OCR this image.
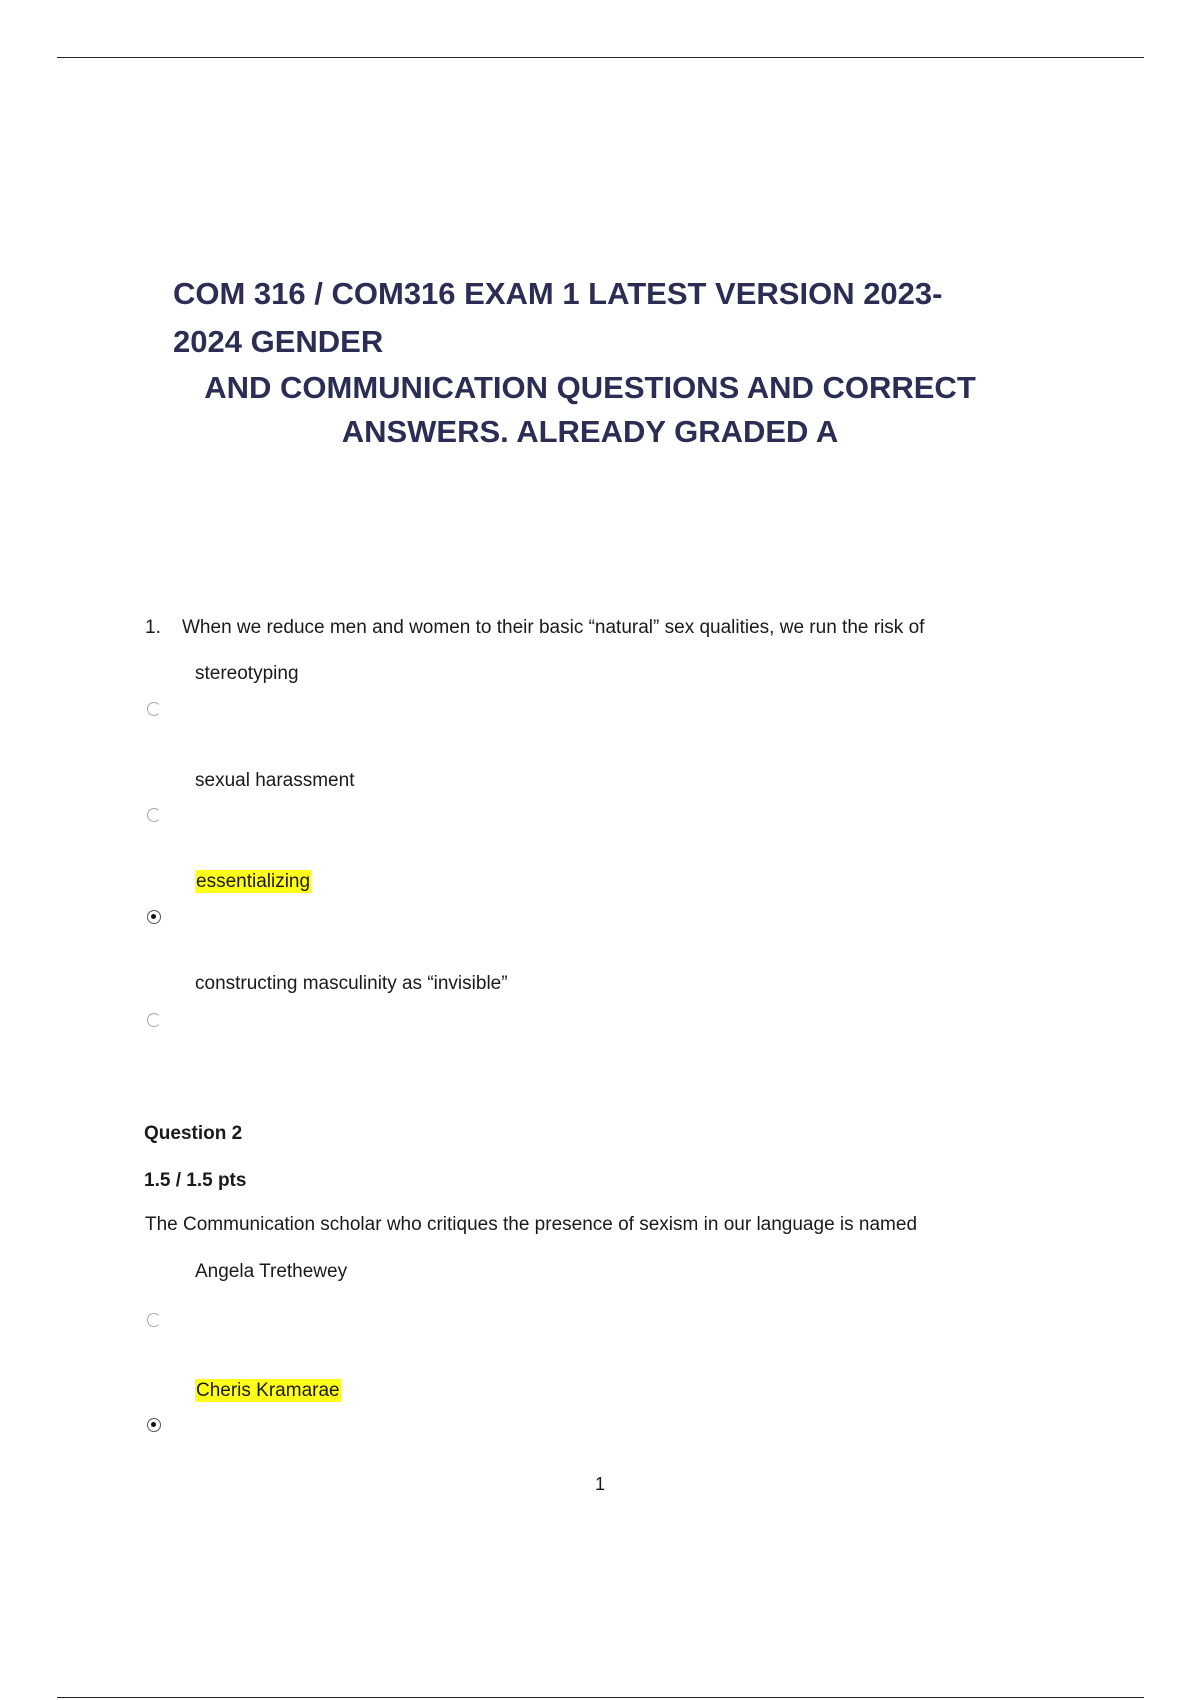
COM 316 / COM316 EXAM 1 LATEST VERSION 2023-
2024 GENDER
AND COMMUNICATION QUESTIONS AND CORRECT
ANSWERS. ALREADY GRADED A
1. When we reduce men and women to their basic “natural” sex qualities, we run the risk of
stereotyping
sexual harassment
essentializing
constructing masculinity as “invisible”
Question 2
1.5 / 1.5 pts
The Communication scholar who critiques the presence of sexism in our language is named
Angela Trethewey
Cheris Kramarae
1
